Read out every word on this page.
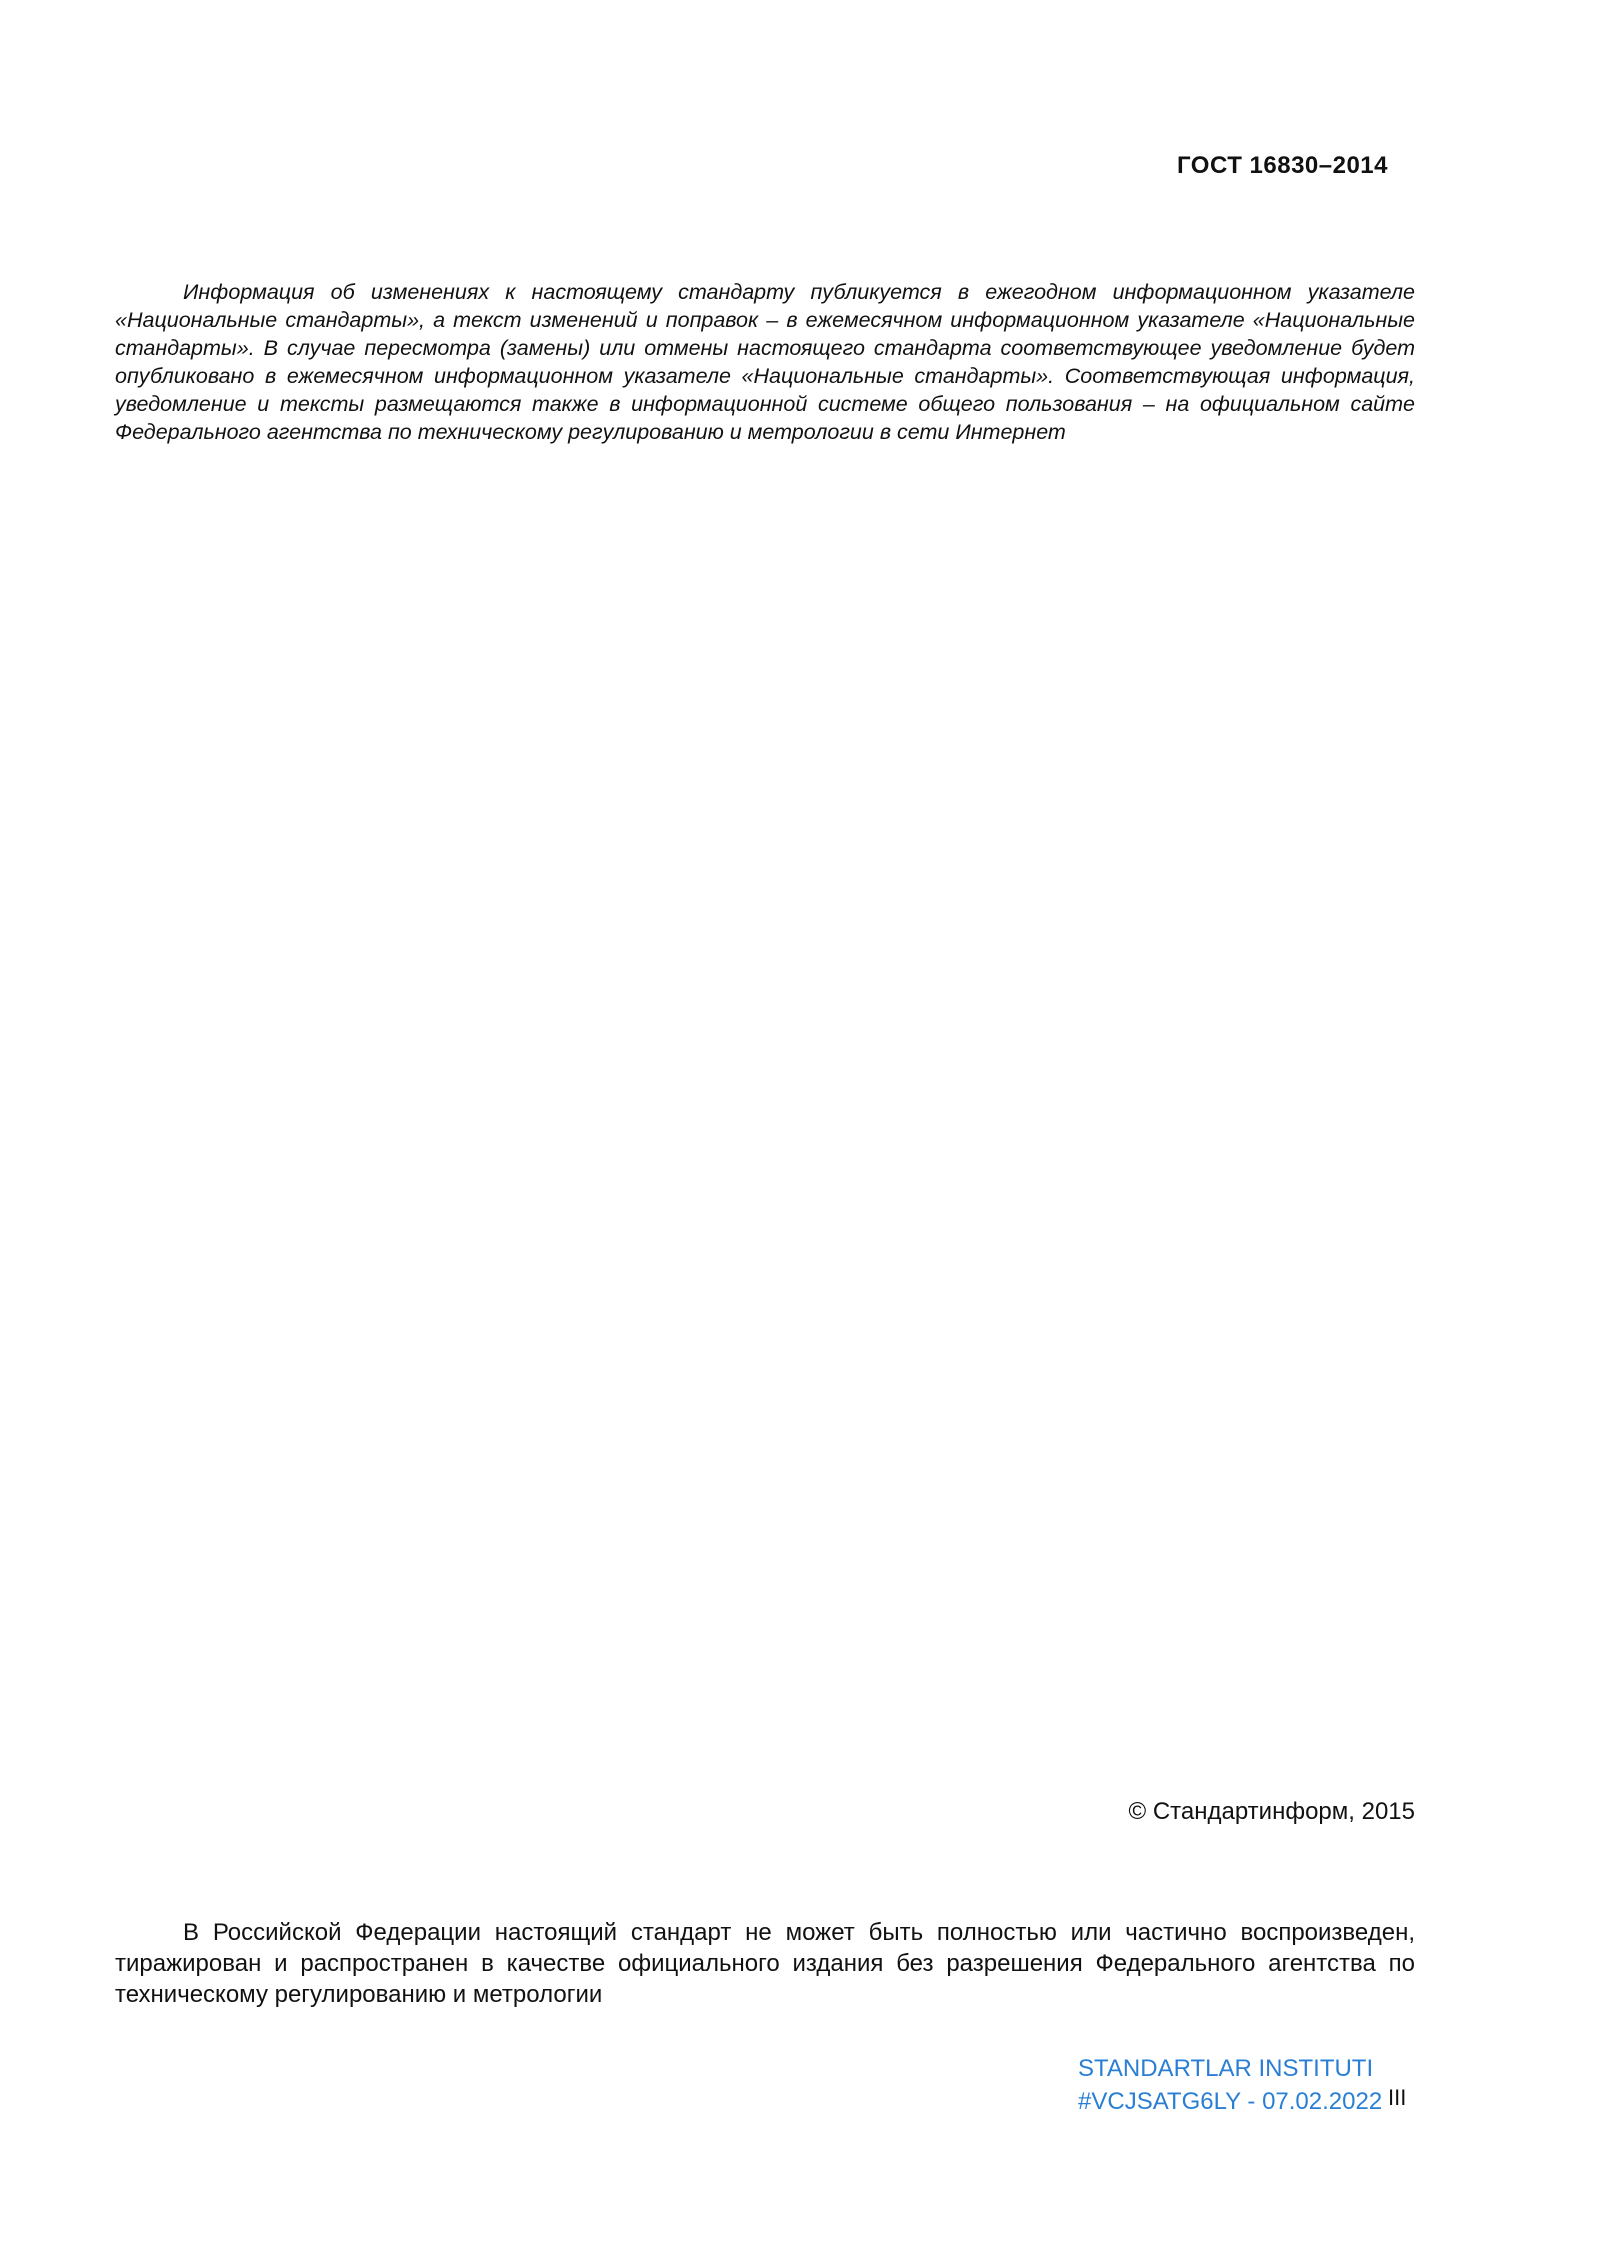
ГОСТ 16830–2014

Информация об изменениях к настоящему стандарту публикуется в ежегодном информационном указателе «Национальные стандарты», а текст изменений и поправок – в ежемесячном информационном указателе «Национальные стандарты». В случае пересмотра (замены) или отмены настоящего стандарта соответствующее уведомление будет опубликовано в ежемесячном информационном указателе «Национальные стандарты». Соответствующая информация, уведомление и тексты размещаются также в информационной системе общего пользования – на официальном сайте Федерального агентства по техническому регулированию и метрологии в сети Интернет

© Стандартинформ, 2015

В Российской Федерации настоящий стандарт не может быть полностью или частично воспроизведен, тиражирован и распространен в качестве официального издания без разрешения Федерального агентства по техническому регулированию и метрологии

STANDARTLAR INSTITUTI
#VCJSATG6LY - 07.02.2022 III
